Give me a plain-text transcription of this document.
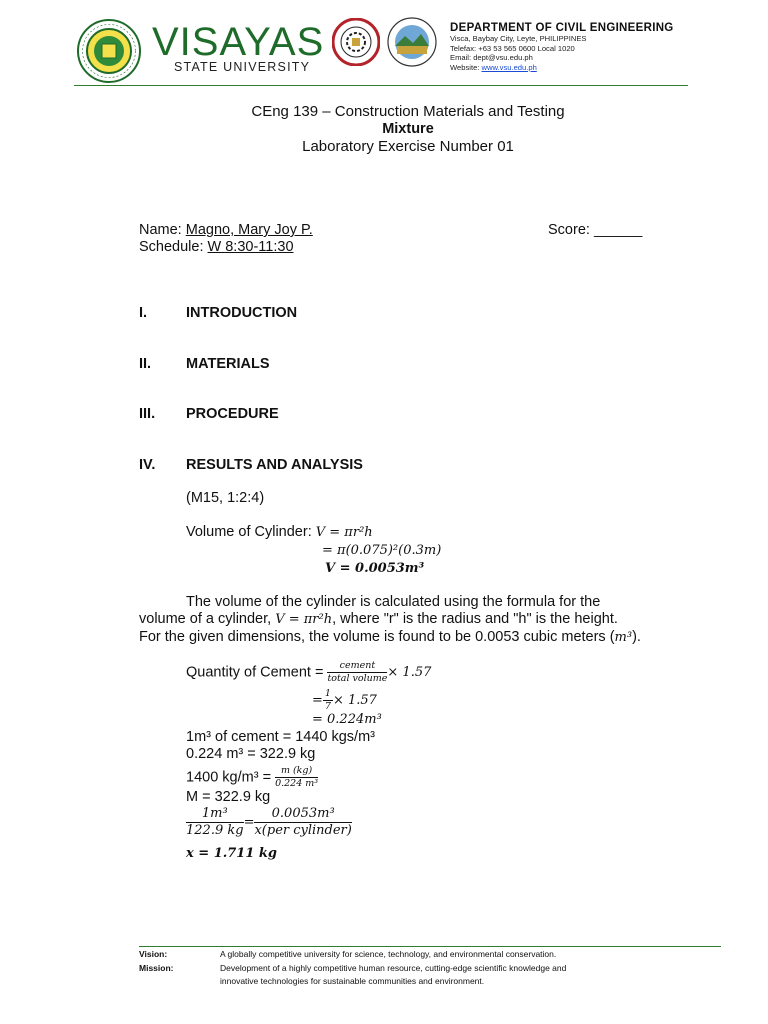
VISAYAS
STATE UNIVERSITY
DEPARTMENT OF CIVIL ENGINEERING
Visca, Baybay City, Leyte, PHILIPPINES
Telefax: +63 53 565 0600 Local 1020
Email: dept@vsu.edu.ph
Website: www.vsu.edu.ph
CEng 139 – Construction Materials and Testing
Mixture
Laboratory Exercise Number 01
Name: Magno, Mary Joy P.	Score: ______
Schedule: W 8:30-11:30
I.	INTRODUCTION
II. MATERIALS
III. PROCEDURE
IV. RESULTS AND ANALYSIS
(M15, 1:2:4)
Volume of Cylinder: V = πr²h
= π(0.075)²(0.3m)
V = 0.0053m³
The volume of the cylinder is calculated using the formula for the
volume of a cylinder, V = πr²h, where "r" is the radius and "h" is the height.
For the given dimensions, the volume is found to be 0.0053 cubic meters (m³).
Quantity of Cement = $\frac{\text{cement}}{\text{total volume}} \times 1.57$
= $\frac{1}{7} \times 1.57$
= 0.224m³
1m³ of cement = 1440 kgs/m³
0.224 m³ = 322.9 kg
1400 $kg/m^3 = \frac{m (kg)}{\text{0.224 m³}}$
M = 322.9 kg
$\frac{\text{1m³}}{122.9 kg} = \frac{\text{0.0053m³}}{\text{x(per cylinder)}}$
x = 1.711 kg
Vision:	A globally competitive university for science, technology, and environmental conservation.
Mission:	Development of a highly competitive human resource, cutting-edge scientific knowledge and
innovative technologies for sustainable communities and environment.
